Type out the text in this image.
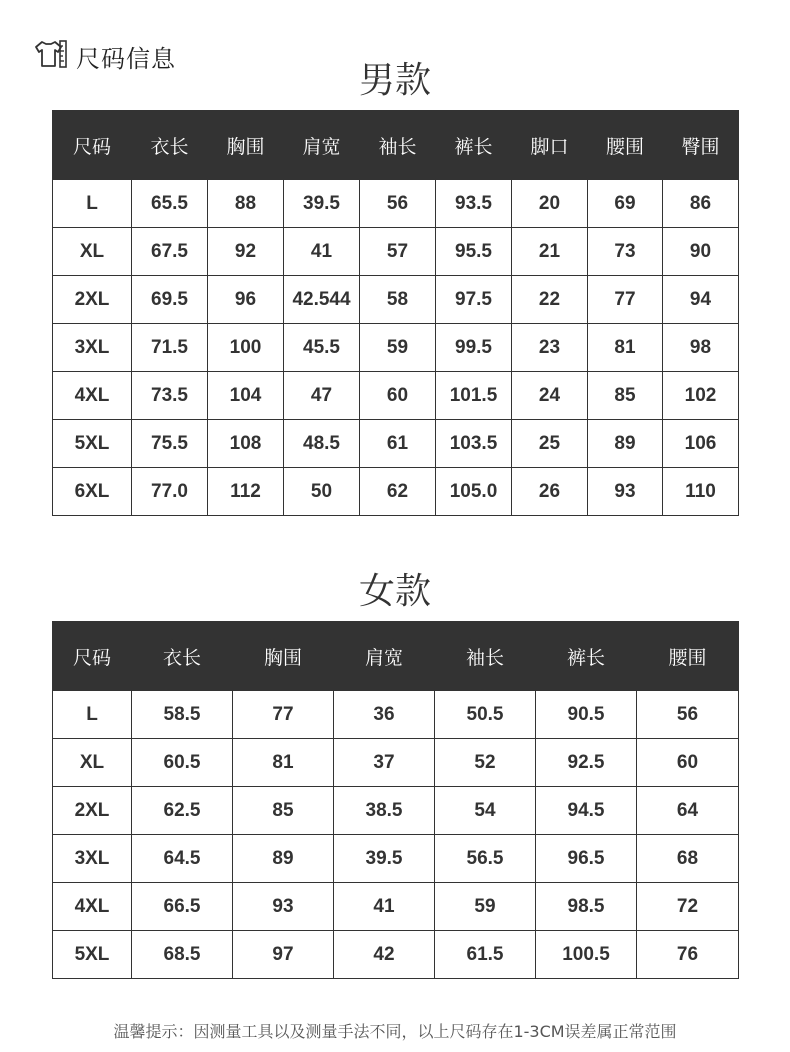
尺码信息
男款
尺码	衣长	胸围	肩宽	袖长	裤长	脚口	腰围	臀围
L	65.5	88	39.5	56	93.5	20	69	86
XL	67.5	92	41	57	95.5	21	73	90
2XL	69.5	96	42.544	58	97.5	22	77	94
3XL	71.5	100	45.5	59	99.5	23	81	98
4XL	73.5	104	47	60	101.5	24	85	102
5XL	75.5	108	48.5	61	103.5	25	89	106
6XL	77.0	112	50	62	105.0	26	93	110
女款
尺码	衣长	胸围	肩宽	袖长	裤长	腰围
L	58.5	77	36	50.5	90.5	56
XL	60.5	81	37	52	92.5	60
2XL	62.5	85	38.5	54	94.5	64
3XL	64.5	89	39.5	56.5	96.5	68
4XL	66.5	93	41	59	98.5	72
5XL	68.5	97	42	61.5	100.5	76
温馨提示：因测量工具以及测量手法不同，以上尺码存在1-3CM误差属正常范围
